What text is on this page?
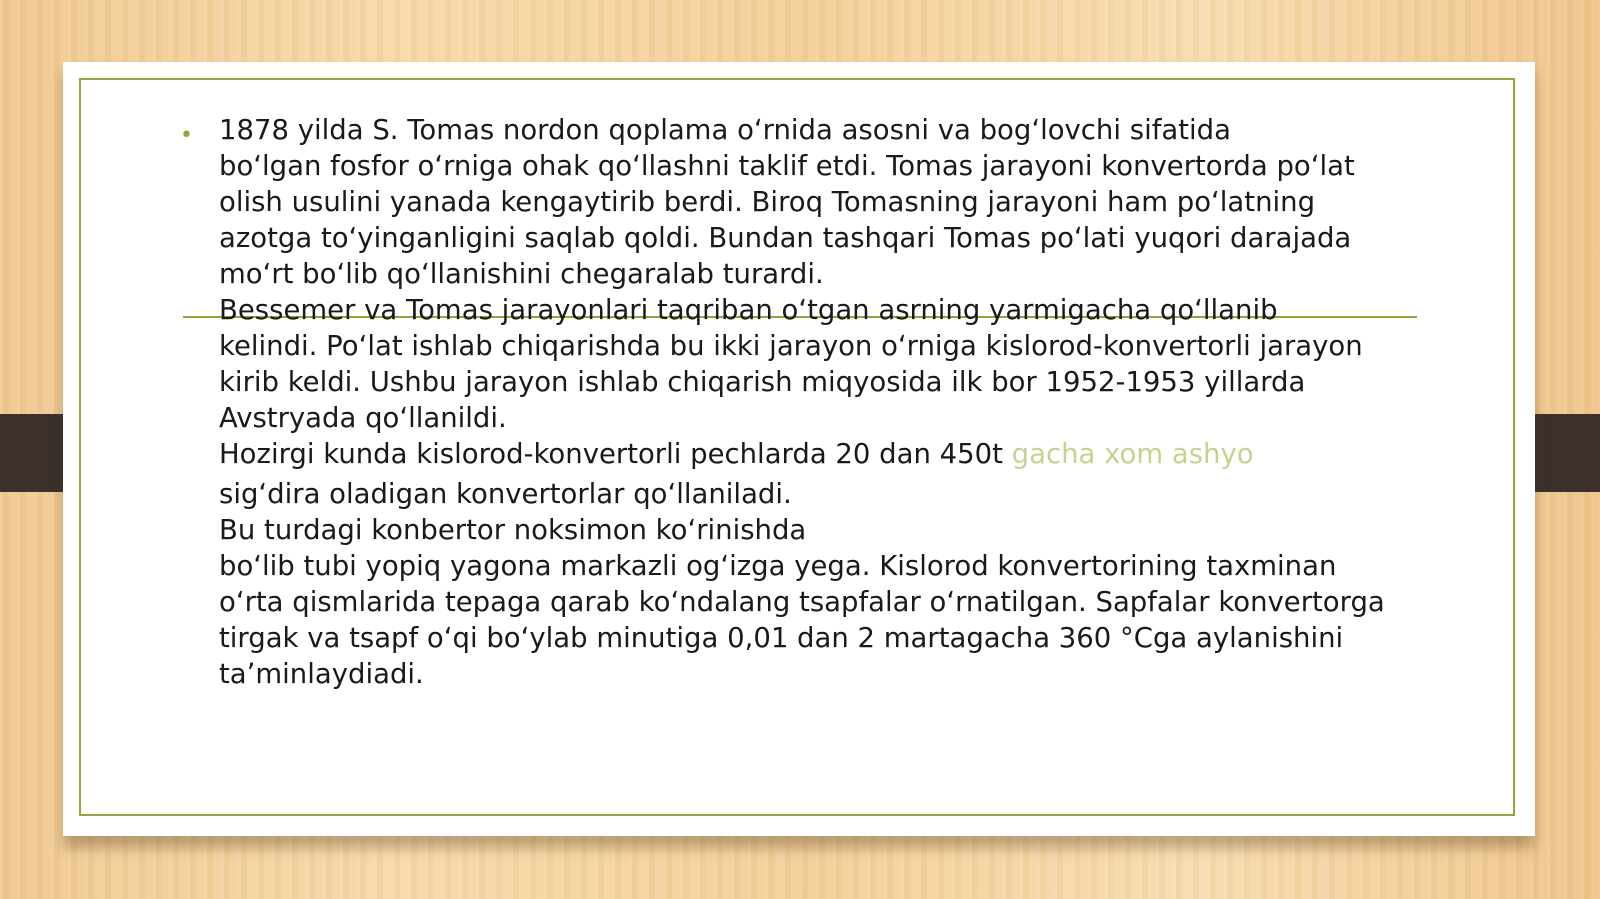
• 1878 yilda S. Tomas nordon qoplama oʻrnida asosni va bogʻlovchi sifatida
boʻlgan fosfor oʻrniga ohak qoʻllashni taklif etdi. Tomas jarayoni konvertorda poʻlat
olish usulini yanada kengaytirib berdi. Biroq Tomasning jarayoni ham poʻlatning
azotga toʻyinganligini saqlab qoldi. Bundan tashqari Tomas poʻlati yuqori darajada
moʻrt boʻlib qoʻllanishini chegaralab turardi.
Bessemer va Tomas jarayonlari taqriban oʻtgan asrning yarmigacha qoʻllanib
kelindi. Poʻlat ishlab chiqarishda bu ikki jarayon oʻrniga kislorod-konvertorli jarayon
kirib keldi. Ushbu jarayon ishlab chiqarish miqyosida ilk bor 1952-1953 yillarda
Avstryada qoʻllanildi.
Hozirgi kunda kislorod-konvertorli pechlarda 20 dan 450t gacha xom ashyo
sigʻdira oladigan konvertorlar qoʻllaniladi.
Bu turdagi konbertor noksimon koʻrinishda
boʻlib tubi yopiq yagona markazli ogʻizga yega. Kislorod konvertorining taxminan
oʻrta qismlarida tepaga qarab koʻndalang tsapfalar oʻrnatilgan. Sapfalar konvertorga
tirgak va tsapf oʻqi boʻylab minutiga 0,01 dan 2 martagacha 360 °Cga aylanishini
taʼminlaydiadi.
